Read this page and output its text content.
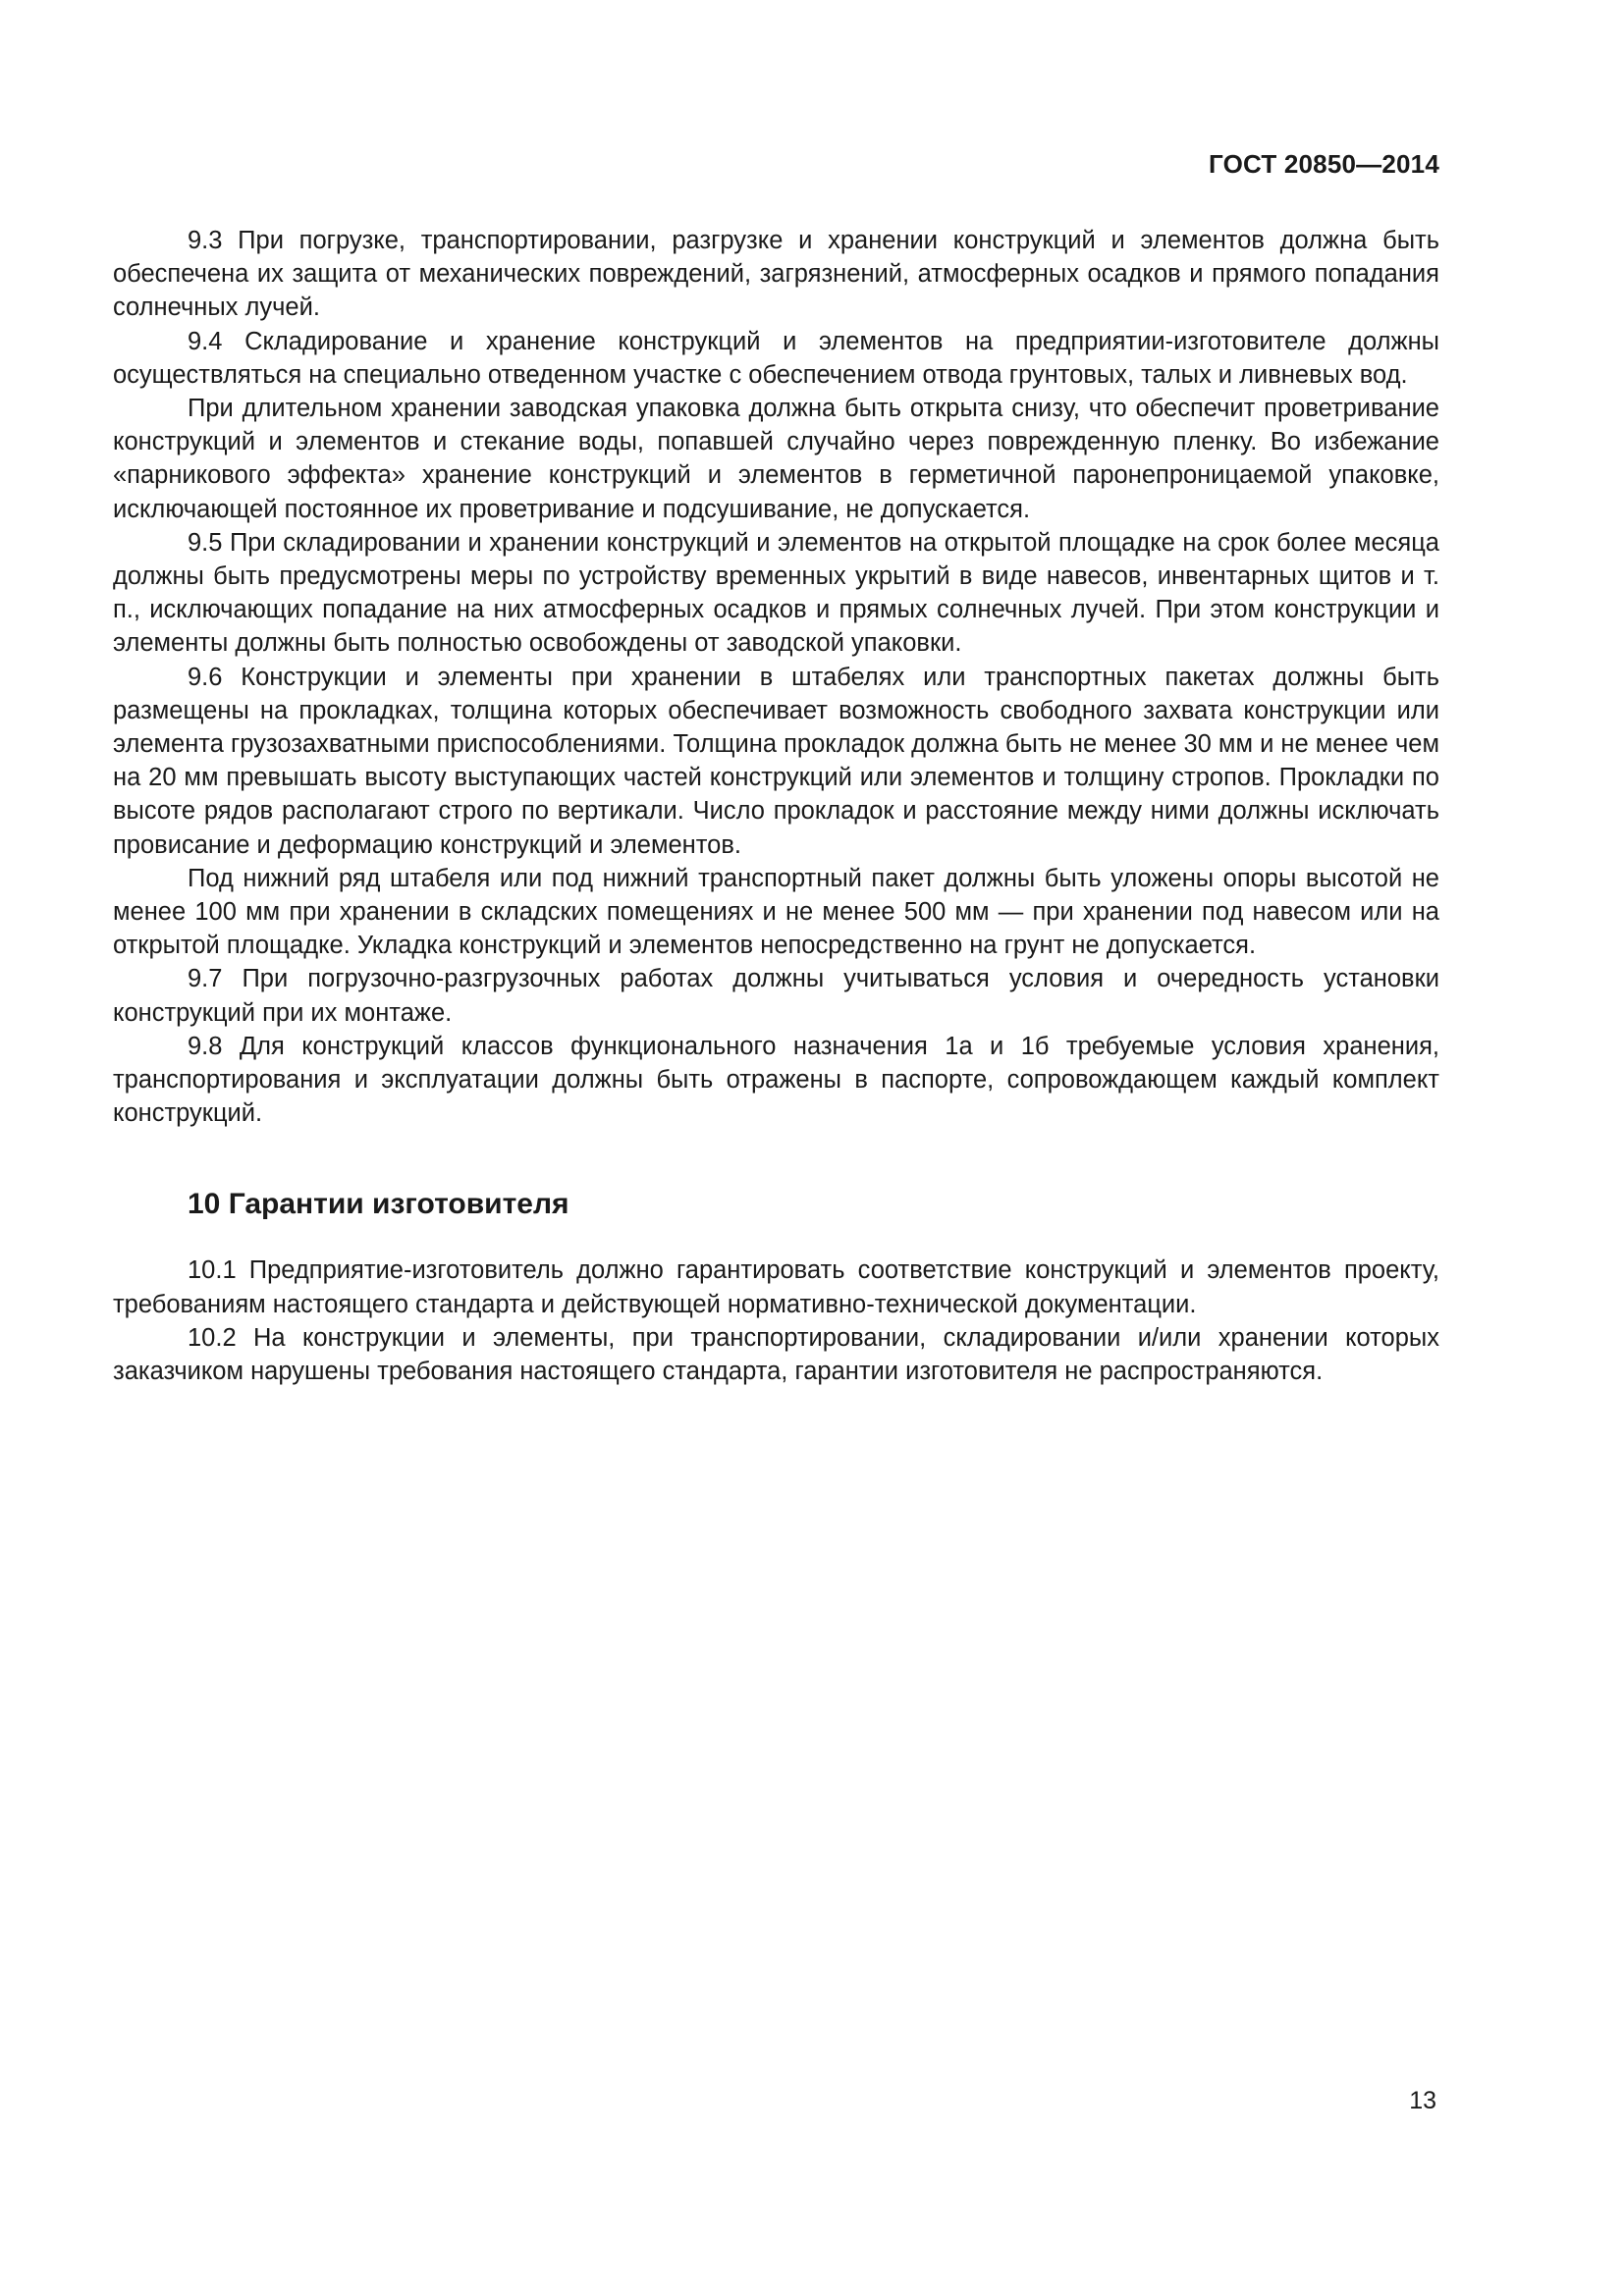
ГОСТ 20850—2014

9.3 При погрузке, транспортировании, разгрузке и хранении конструкций и элементов должна быть обеспечена их защита от механических повреждений, загрязнений, атмосферных осадков и прямого попадания солнечных лучей.

9.4 Складирование и хранение конструкций и элементов на предприятии-изготовителе должны осуществляться на специально отведенном участке с обеспечением отвода грунтовых, талых и ливневых вод.

При длительном хранении заводская упаковка должна быть открыта снизу, что обеспечит проветривание конструкций и элементов и стекание воды, попавшей случайно через поврежденную пленку. Во избежание «парникового эффекта» хранение конструкций и элементов в герметичной паронепроницаемой упаковке, исключающей постоянное их проветривание и подсушивание, не допускается.

9.5 При складировании и хранении конструкций и элементов на открытой площадке на срок более месяца должны быть предусмотрены меры по устройству временных укрытий в виде навесов, инвентарных щитов и т. п., исключающих попадание на них атмосферных осадков и прямых солнечных лучей. При этом конструкции и элементы должны быть полностью освобождены от заводской упаковки.

9.6 Конструкции и элементы при хранении в штабелях или транспортных пакетах должны быть размещены на прокладках, толщина которых обеспечивает возможность свободного захвата конструкции или элемента грузозахватными приспособлениями. Толщина прокладок должна быть не менее 30 мм и не менее чем на 20 мм превышать высоту выступающих частей конструкций или элементов и толщину стропов. Прокладки по высоте рядов располагают строго по вертикали. Число прокладок и расстояние между ними должны исключать провисание и деформацию конструкций и элементов.

Под нижний ряд штабеля или под нижний транспортный пакет должны быть уложены опоры высотой не менее 100 мм при хранении в складских помещениях и не менее 500 мм — при хранении под навесом или на открытой площадке. Укладка конструкций и элементов непосредственно на грунт не допускается.

9.7 При погрузочно-разгрузочных работах должны учитываться условия и очередность установки конструкций при их монтаже.

9.8 Для конструкций классов функционального назначения 1а и 1б требуемые условия хранения, транспортирования и эксплуатации должны быть отражены в паспорте, сопровождающем каждый комплект конструкций.

10 Гарантии изготовителя

10.1 Предприятие-изготовитель должно гарантировать соответствие конструкций и элементов проекту, требованиям настоящего стандарта и действующей нормативно-технической документации.

10.2 На конструкции и элементы, при транспортировании, складировании и/или хранении которых заказчиком нарушены требования настоящего стандарта, гарантии изготовителя не распространяются.

13
